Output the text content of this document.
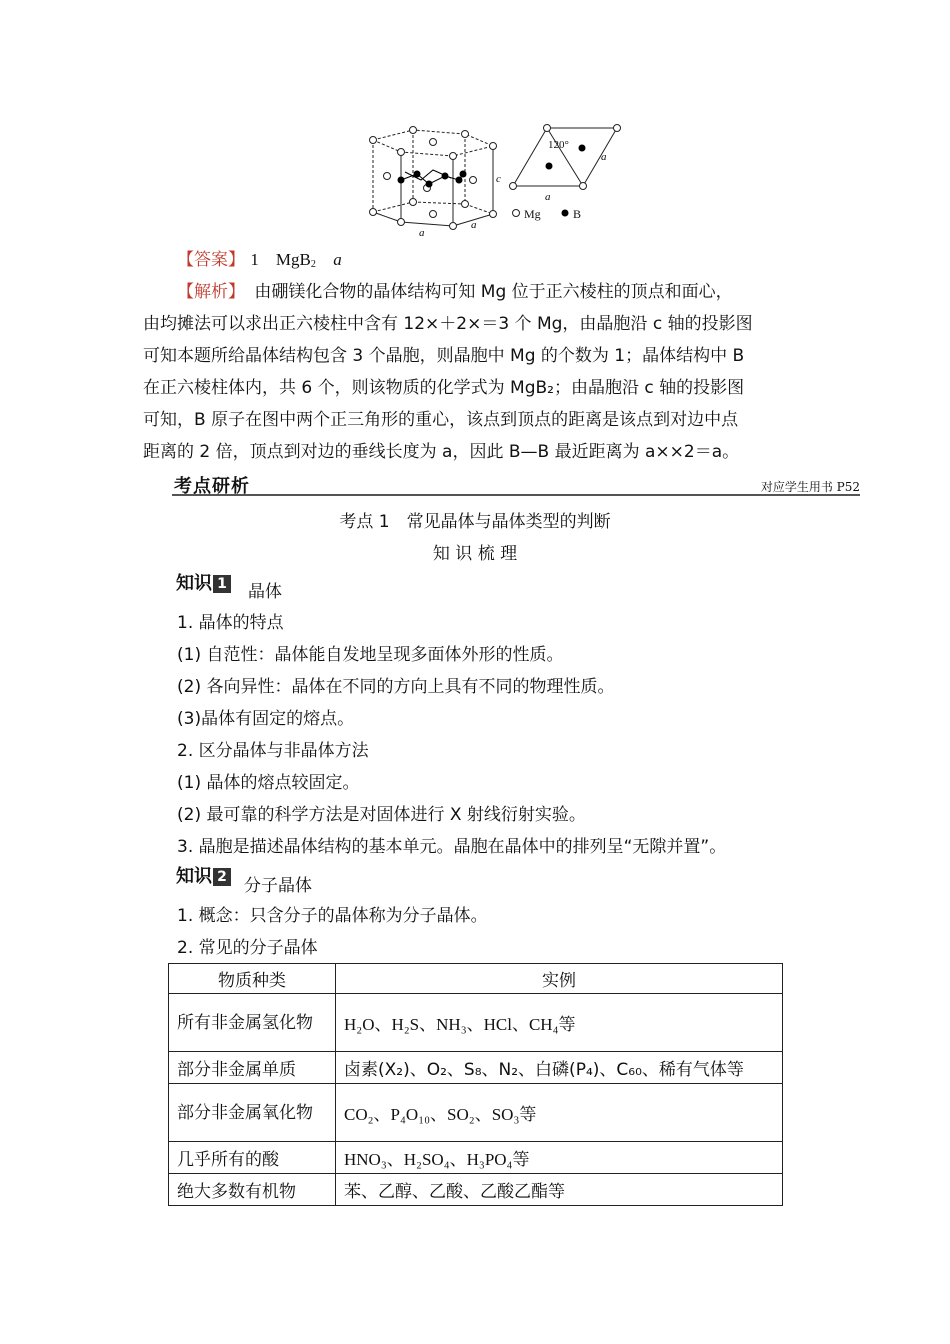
c
a
a
120°
a
a
Mg	B
【答案】 1　MgB$_2$ a
【解析】 由硼镁化合物的晶体结构可知 Mg 位于正六棱柱的顶点和面心，
由均摊法可以求出正六棱柱中含有 12×＋2×＝3 个 Mg，由晶胞沿 c 轴的投影图
可知本题所给晶体结构包含 3 个晶胞，则晶胞中 Mg 的个数为 1；晶体结构中 B
在正六棱柱体内，共 6 个，则该物质的化学式为 MgB₂；由晶胞沿 c 轴的投影图
可知，B 原子在图中两个正三角形的重心，该点到顶点的距离是该点到对边中点
距离的 2 倍，顶点到对边的垂线长度为 a，因此 B—B 最近距离为 a××2＝a。
考点研析	对应学生用书 P52
考点 1　常见晶体与晶体类型的判断
知 识 梳 理
知识 1 晶体
1. 晶体的特点
(1) 自范性：晶体能自发地呈现多面体外形的性质。
(2) 各向异性：晶体在不同的方向上具有不同的物理性质。
(3)晶体有固定的熔点。
2. 区分晶体与非晶体方法
(1) 晶体的熔点较固定。
(2) 最可靠的科学方法是对固体进行 X 射线衍射实验。
3. 晶胞是描述晶体结构的基本单元。晶胞在晶体中的排列呈“无隙并置”。
知识 2 分子晶体
1. 概念：只含分子的晶体称为分子晶体。
2. 常见的分子晶体
物质种类	实例
所有非金属氢化物	H₂O、H₂S、NH₃、HCl、CH₄等
部分非金属单质	卤素(X₂)、O₂、S₈、N₂、白磷(P₄)、C₆₀、稀有气体等
部分非金属氧化物	CO₂、P₄O₁₀、SO₂、SO₃等
几乎所有的酸	HNO₃、H₂SO₄、H₃PO₄等
绝大多数有机物	苯、乙醇、乙酸、乙酸乙酯等
